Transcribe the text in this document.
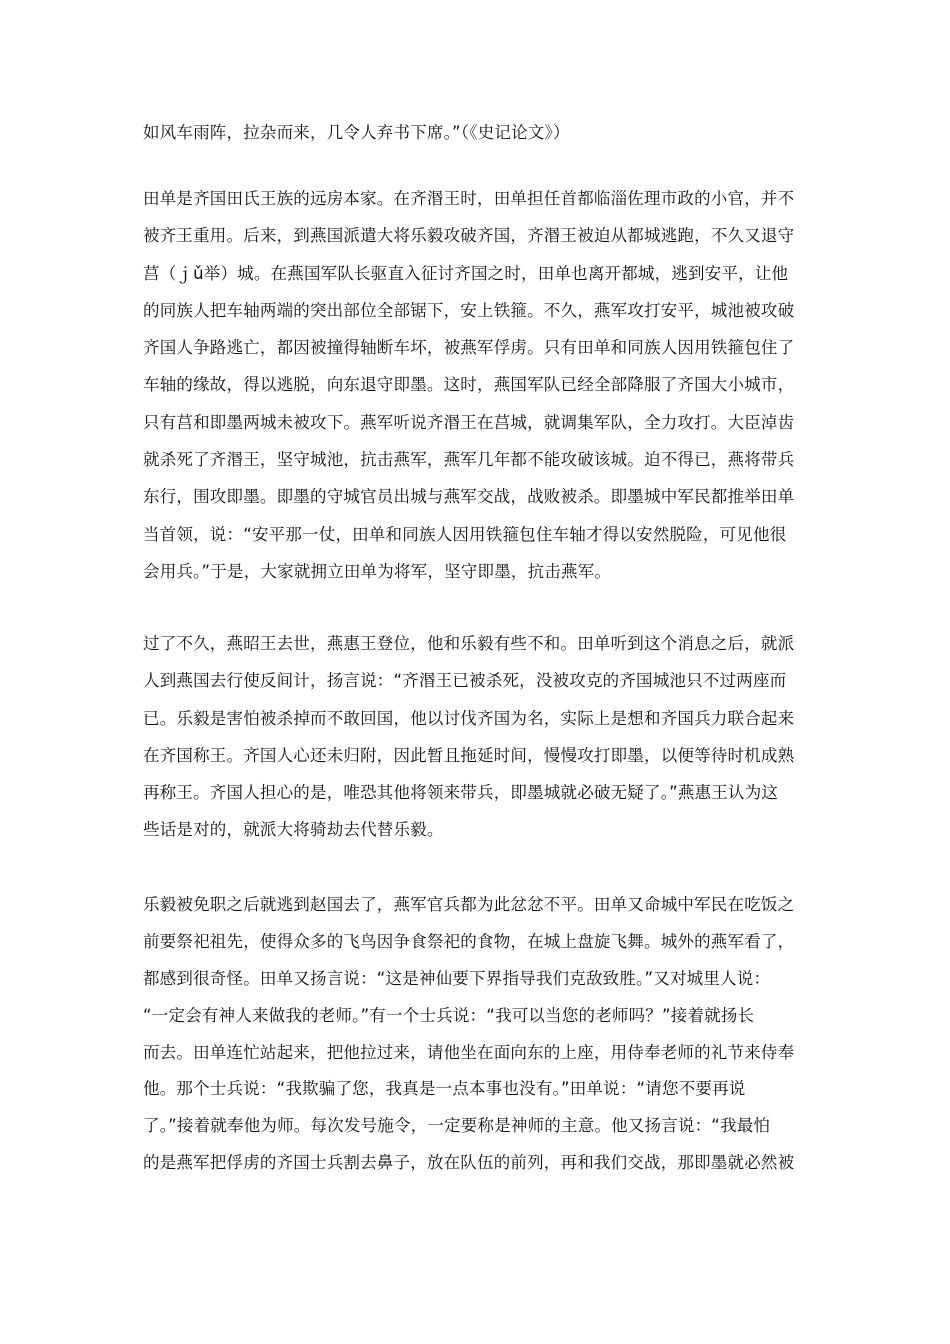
如风车雨阵，拉杂而来，几令人弃书下席。”（《史记论文》）
田单是齐国田氏王族的远房本家。在齐湣王时，田单担任首都临淄佐理市政的小官，并不
被齐王重用。后来，到燕国派遣大将乐毅攻破齐国，齐湣王被迫从都城逃跑，不久又退守
莒（ｊǔ举）城。在燕国军队长驱直入征讨齐国之时，田单也离开都城，逃到安平，让他
的同族人把车轴两端的突出部位全部锯下，安上铁箍。不久，燕军攻打安平，城池被攻破
齐国人争路逃亡，都因被撞得轴断车坏，被燕军俘虏。只有田单和同族人因用铁箍包住了
车轴的缘故，得以逃脱，向东退守即墨。这时，燕国军队已经全部降服了齐国大小城市，
只有莒和即墨两城未被攻下。燕军听说齐湣王在莒城，就调集军队，全力攻打。大臣淖齿
就杀死了齐湣王，坚守城池，抗击燕军，燕军几年都不能攻破该城。迫不得已，燕将带兵
东行，围攻即墨。即墨的守城官员出城与燕军交战，战败被杀。即墨城中军民都推举田单
当首领，说：“安平那一仗，田单和同族人因用铁箍包住车轴才得以安然脱险，可见他很
会用兵。”于是，大家就拥立田单为将军，坚守即墨，抗击燕军。
过了不久，燕昭王去世，燕惠王登位，他和乐毅有些不和。田单听到这个消息之后，就派
人到燕国去行使反间计，扬言说：“齐湣王已被杀死，没被攻克的齐国城池只不过两座而
已。乐毅是害怕被杀掉而不敢回国，他以讨伐齐国为名，实际上是想和齐国兵力联合起来
在齐国称王。齐国人心还未归附，因此暂且拖延时间，慢慢攻打即墨，以便等待时机成熟
再称王。齐国人担心的是，唯恐其他将领来带兵，即墨城就必破无疑了。”燕惠王认为这
些话是对的，就派大将骑劫去代替乐毅。
乐毅被免职之后就逃到赵国去了，燕军官兵都为此忿忿不平。田单又命城中军民在吃饭之
前要祭祀祖先，使得众多的飞鸟因争食祭祀的食物，在城上盘旋飞舞。城外的燕军看了，
都感到很奇怪。田单又扬言说：“这是神仙要下界指导我们克敌致胜。”又对城里人说：
“一定会有神人来做我的老师。”有一个士兵说：“我可以当您的老师吗？”接着就扬长
而去。田单连忙站起来，把他拉过来，请他坐在面向东的上座，用侍奉老师的礼节来侍奉
他。那个士兵说：“我欺骗了您，我真是一点本事也没有。”田单说：“请您不要再说
了。”接着就奉他为师。每次发号施令，一定要称是神师的主意。他又扬言说：“我最怕
的是燕军把俘虏的齐国士兵割去鼻子，放在队伍的前列，再和我们交战，那即墨就必然被
